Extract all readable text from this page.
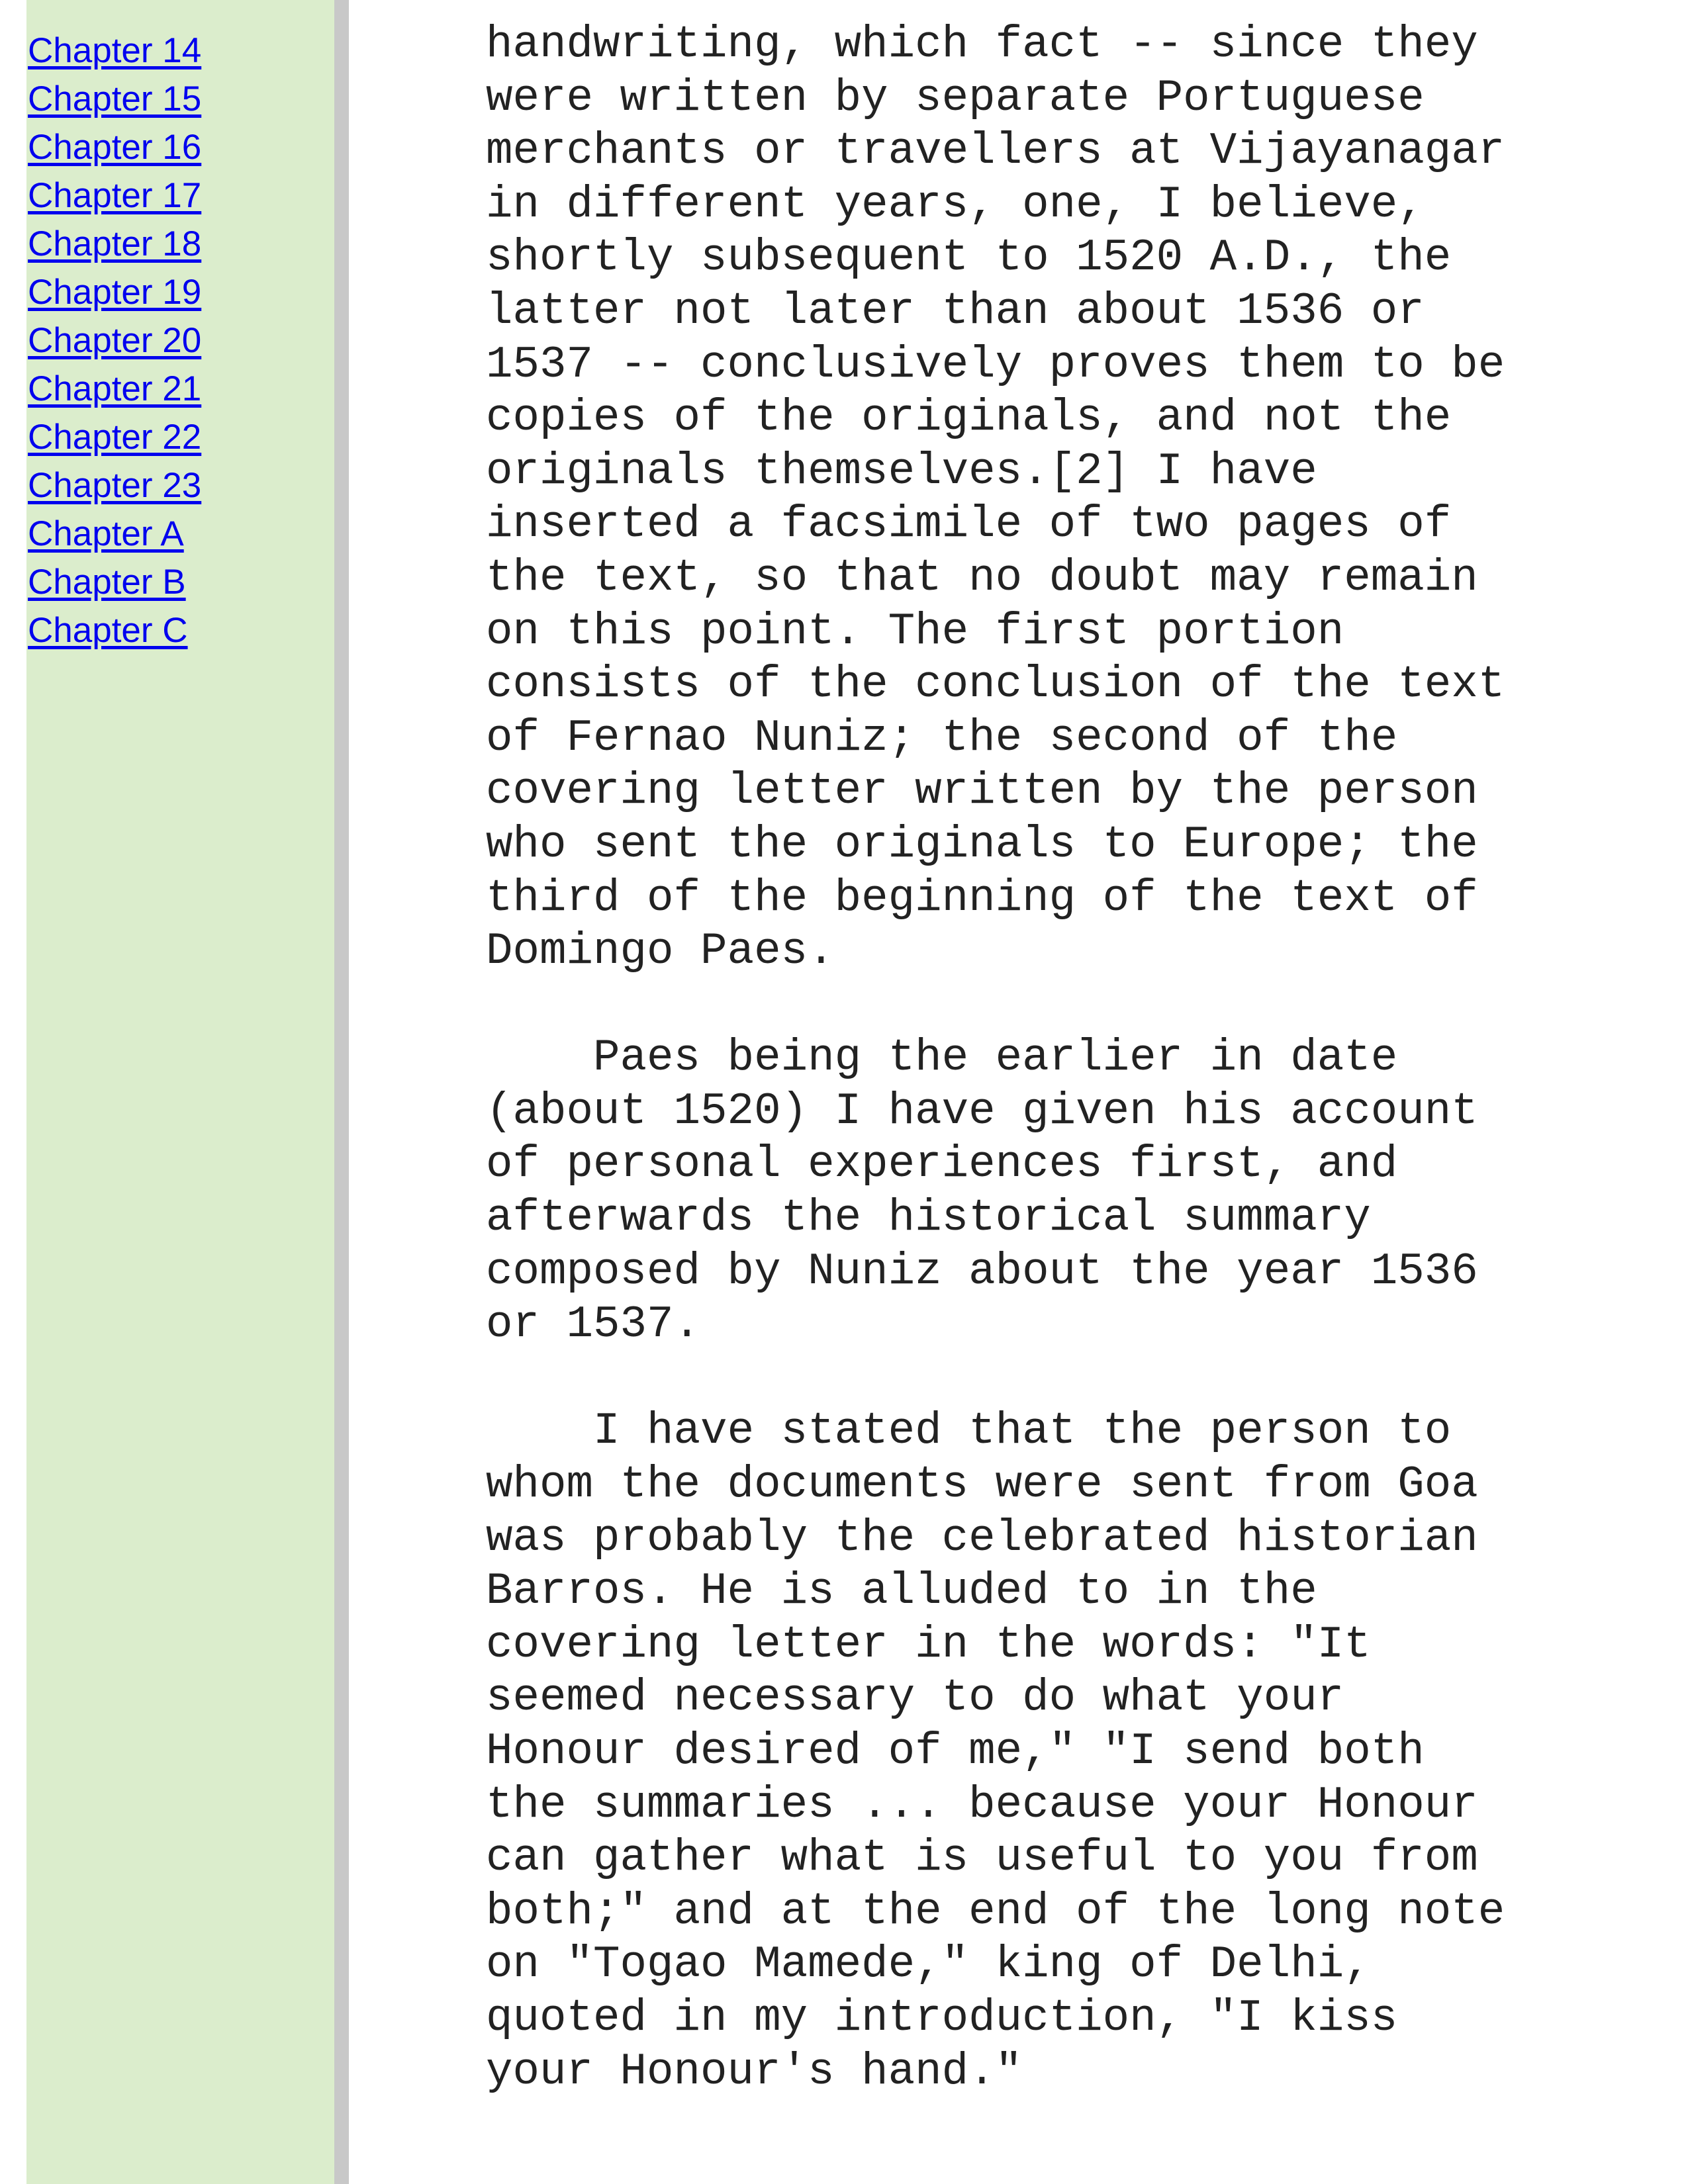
Chapter 14
Chapter 15
Chapter 16
Chapter 17
Chapter 18
Chapter 19
Chapter 20
Chapter 21
Chapter 22
Chapter 23
Chapter A
Chapter B
Chapter C

handwriting, which fact -- since they
were written by separate Portuguese
merchants or travellers at Vijayanagar
in different years, one, I believe,
shortly subsequent to 1520 A.D., the
latter not later than about 1536 or
1537 -- conclusively proves them to be
copies of the originals, and not the
originals themselves.[2] I have
inserted a facsimile of two pages of
the text, so that no doubt may remain
on this point. The first portion
consists of the conclusion of the text
of Fernao Nuniz; the second of the
covering letter written by the person
who sent the originals to Europe; the
third of the beginning of the text of
Domingo Paes.

Paes being the earlier in date
(about 1520) I have given his account
of personal experiences first, and
afterwards the historical summary
composed by Nuniz about the year 1536
or 1537.

I have stated that the person to
whom the documents were sent from Goa
was probably the celebrated historian
Barros. He is alluded to in the
covering letter in the words: "It
seemed necessary to do what your
Honour desired of me," "I send both
the summaries ... because your Honour
can gather what is useful to you from
both;" and at the end of the long note
on "Togao Mamede," king of Delhi,
quoted in my introduction, "I kiss
your Honour's hand."
